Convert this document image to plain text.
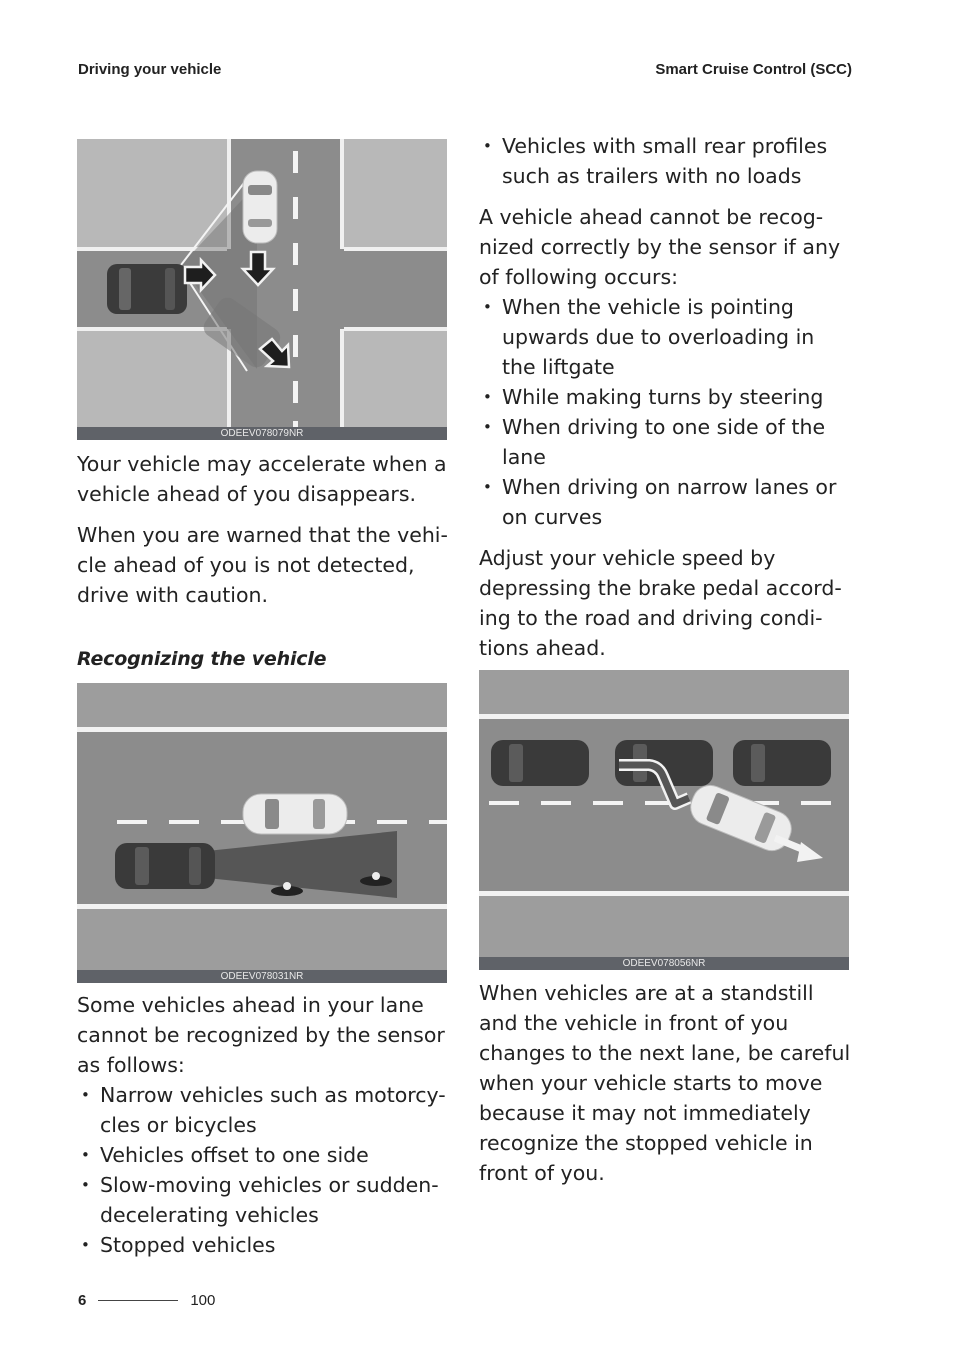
Driving your vehicle	Smart Cruise Control (SCC)
ODEEV078079NR
ODEEV078031NR
ODEEV078056NR

Your vehicle may accelerate when a vehicle ahead of you disappears.

When you are warned that the vehi-cle ahead of you is not detected, drive with caution.

Recognizing the vehicle

Some vehicles ahead in your lane cannot be recognized by the sensor as follows:

• Narrow vehicles such as motorcy-cles or bicycles
• Vehicles offset to one side
• Slow-moving vehicles or sudden-decelerating vehicles
• Stopped vehicles
• Vehicles with small rear profiles such as trailers with no loads

A vehicle ahead cannot be recog-nized correctly by the sensor if any of following occurs:

• When the vehicle is pointing upwards due to overloading in the liftgate
• While making turns by steering
• When driving to one side of the lane
• When driving on narrow lanes or on curves

Adjust your vehicle speed by depressing the brake pedal accord-ing to the road and driving condi-tions ahead.

When vehicles are at a standstill and the vehicle in front of you changes to the next lane, be careful when your vehicle starts to move because it may not immediately recognize the stopped vehicle in front of you.

6	100
